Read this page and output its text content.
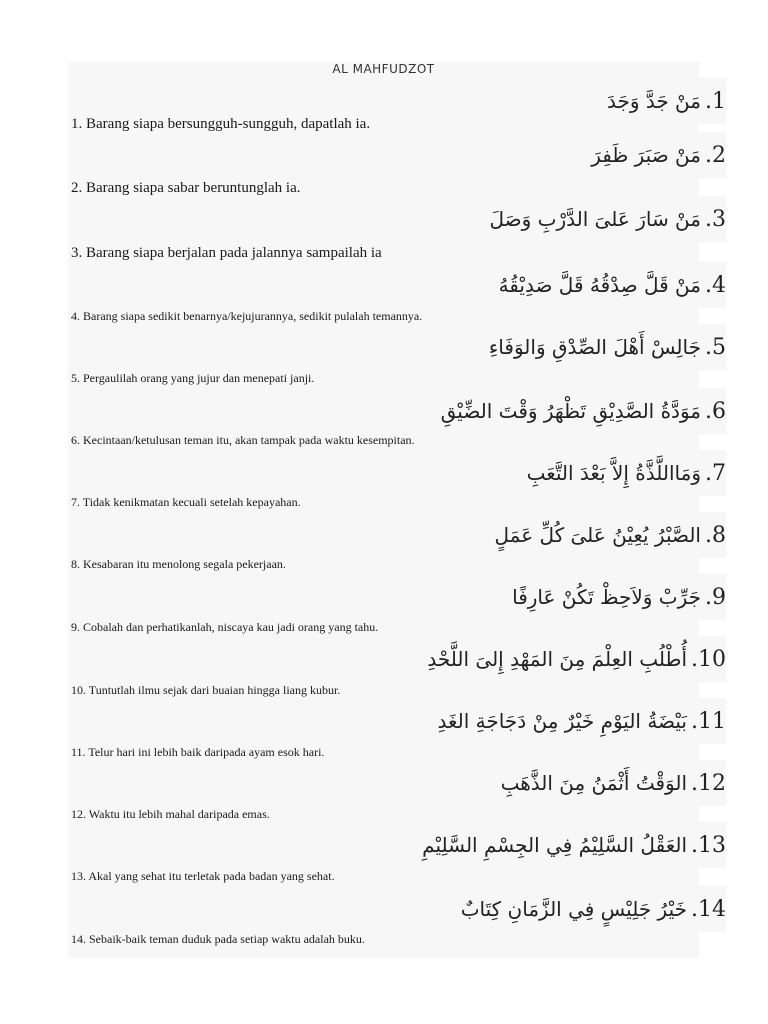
AL MAHFUDZOT
.1
مَنْ جَدَّ وَجَدَ
1. Barang siapa bersungguh-sungguh, dapatlah ia.
.2
مَنْ صَبَرَ ظَفِرَ
2. Barang siapa sabar beruntunglah ia.
.3
مَنْ سَارَ عَلىَ الدَّرْبِ وَصَلَ
3. Barang siapa berjalan pada jalannya sampailah ia
.4
مَنْ قَلَّ صِدْقُهُ قَلَّ صَدِيْقُهُ
4. Barang siapa sedikit benarnya/kejujurannya, sedikit pulalah temannya.
.5
جَالِسْ أَهْلَ الصِّدْقِ وَالوَفَاءِ
5. Pergaulilah orang yang jujur dan menepati janji.
.6
مَوَدَّةُ الصَّدِيْقِ تَظْهَرُ وَقْتَ الضِّيْقِ
6. Kecintaan/ketulusan teman itu, akan tampak pada waktu kesempitan.
.7
وَمَااللَّذَّةُ إِلاَّ بَعْدَ التَّعَبِ
7. Tidak kenikmatan kecuali setelah kepayahan.
.8
الصَّبْرُ يُعِيْنُ عَلىَ كُلِّ عَمَلٍ
8. Kesabaran itu menolong segala pekerjaan.
.9
جَرِّبْ وَلاَحِظْ تَكُنْ عَارِفًا
9. Cobalah dan perhatikanlah, niscaya kau jadi orang yang tahu.
.10
أُطْلُبِ العِلْمَ مِنَ المَهْدِ إِلىَ اللَّحْدِ
10. Tuntutlah ilmu sejak dari buaian hingga liang kubur.
.11
بَيْضَةُ اليَوْمِ خَيْرٌ مِنْ دَجَاجَةِ الغَدِ
11. Telur hari ini lebih baik daripada ayam esok hari.
.12
الوَقْتُ أَثْمَنُ مِنَ الذَّهَبِ
12. Waktu itu lebih mahal daripada emas.
.13
العَقْلُ السَّلِيْمُ فِي الجِسْمِ السَّلِيْمِ
13. Akal yang sehat itu terletak pada badan yang sehat.
.14
خَيْرُ جَلِيْسٍ فِي الزَّمَانِ كِتَابٌ
14. Sebaik-baik teman duduk pada setiap waktu adalah buku.
